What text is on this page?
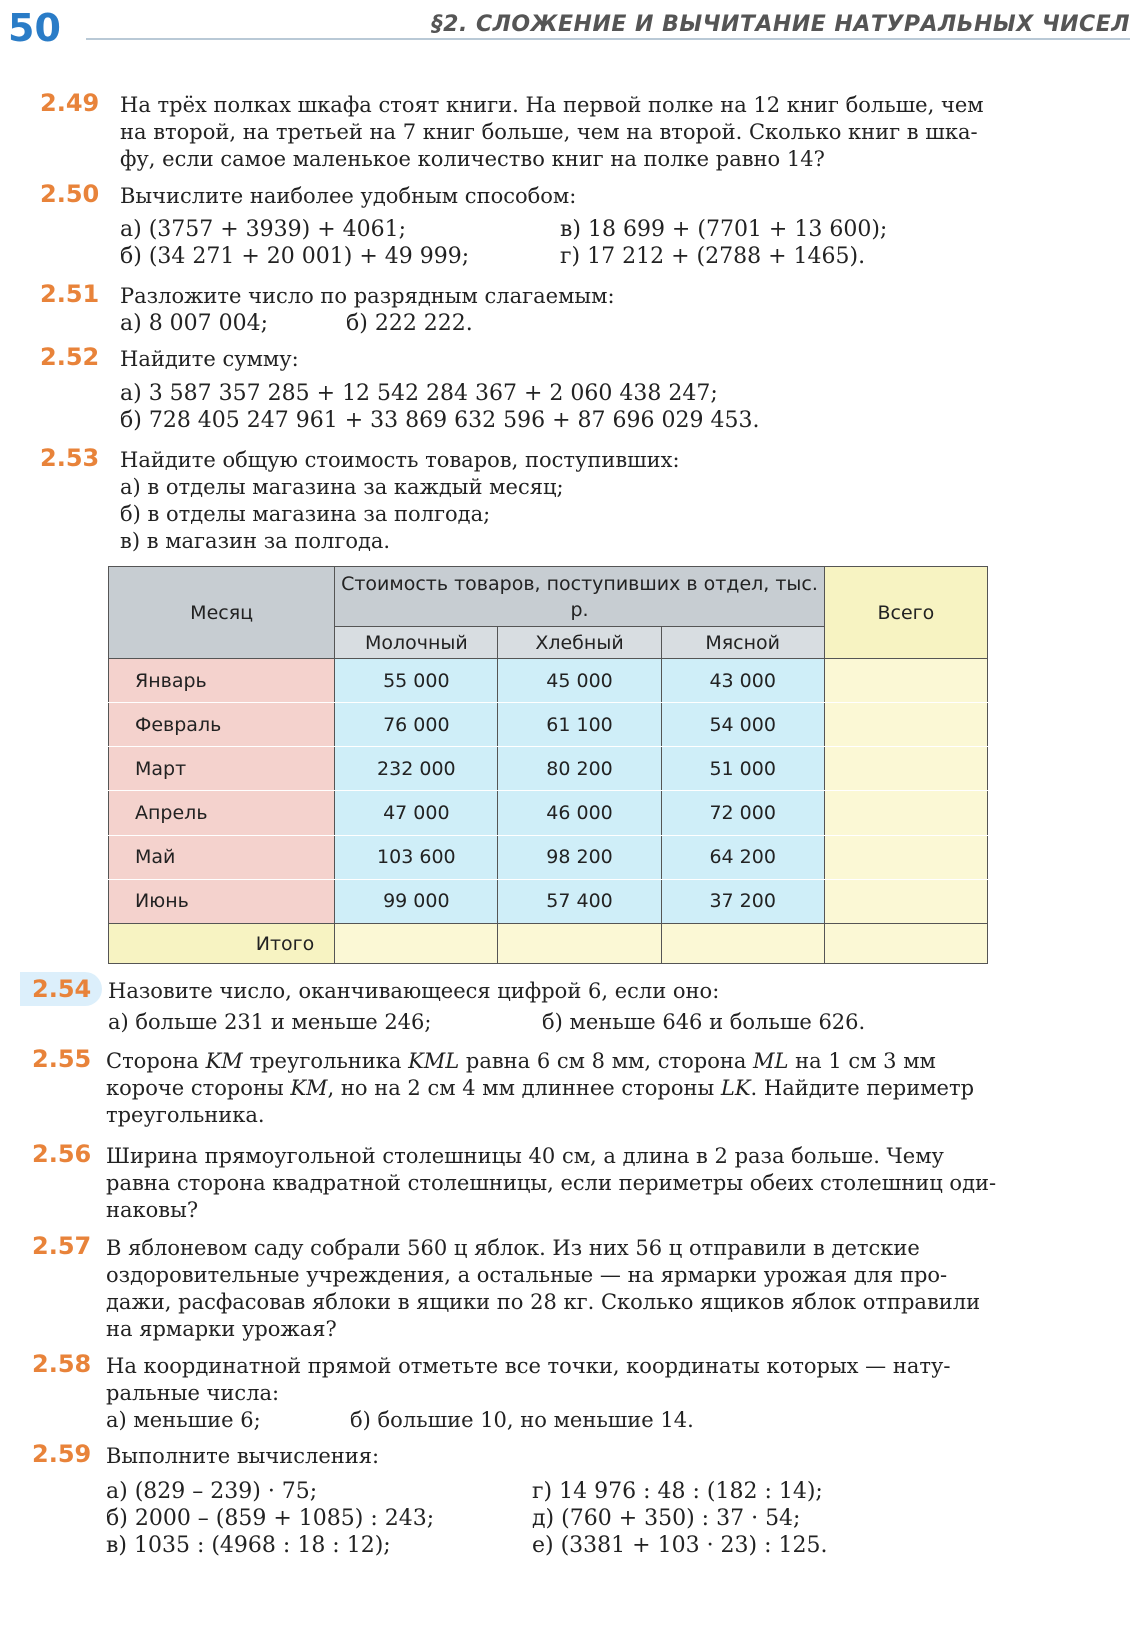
50	§2. СЛОЖЕНИЕ И ВЫЧИТАНИЕ НАТУРАЛЬНЫХ ЧИСЕЛ
2.49 На трёх полках шкафа стоят книги. На первой полке на 12 книг больше, чем
на второй, на третьей на 7 книг больше, чем на второй. Сколько книг в шка-
фу, если самое маленькое количество книг на полке равно 14?
2.50 Вычислите наиболее удобным способом:
а) (3757 + 3939) + 4061;
б) (34 271 + 20 001) + 49 999;
в) 18 699 + (7701 + 13 600);
г) 17 212 + (2788 + 1465).
2.51 Разложите число по разрядным слагаемым:
а) 8 007 004;	б) 222 222.
2.52 Найдите сумму:
а) 3 587 357 285 + 12 542 284 367 + 2 060 438 247;
б) 728 405 247 961 + 33 869 632 596 + 87 696 029 453.
2.53 Найдите общую стоимость товаров, поступивших:
а) в отделы магазина за каждый месяц;
б) в отделы магазина за полгода;
в) в магазин за полгода.
Месяц	Стоимость товаров, поступивших в отдел, тыс. р.			Всего
	Молочный	Хлебный	Мясной	
Январь	55 000	45 000	43 000	
Февраль	76 000	61 100	54 000	
Март	232 000	80 200	51 000	
Апрель	47 000	46 000	72 000	
Май	103 600	98 200	64 200	
Июнь	99 000	57 400	37 200	
Итого				
2.54 Назовите число, оканчивающееся цифрой 6, если оно:
а) больше 231 и меньше 246;	б) меньше 646 и больше 626.
2.55 Сторона KM треугольника KML равна 6 см 8 мм, сторона ML на 1 см 3 мм
короче стороны KM, но на 2 см 4 мм длиннее стороны LK. Найдите периметр
треугольника.
2.56 Ширина прямоугольной столешницы 40 см, а длина в 2 раза больше. Чему
равна сторона квадратной столешницы, если периметры обеих столешниц оди-
наковы?
2.57 В яблоневом саду собрали 560 ц яблок. Из них 56 ц отправили в детские
оздоровительные учреждения, а остальные — на ярмарки урожая для про-
дажи, расфасовав яблоки в ящики по 28 кг. Сколько ящиков яблок отправили
на ярмарки урожая?
2.58 На координатной прямой отметьте все точки, координаты которых — нату-
ральные числа:
а) меньшие 6;	б) большие 10, но меньшие 14.
2.59 Выполните вычисления:
а) (829 – 239) · 75;
б) 2000 – (859 + 1085) : 243;
в) 1035 : (4968 : 18 : 12);
г) 14 976 : 48 : (182 : 14);
д) (760 + 350) : 37 · 54;
е) (3381 + 103 · 23) : 125.
